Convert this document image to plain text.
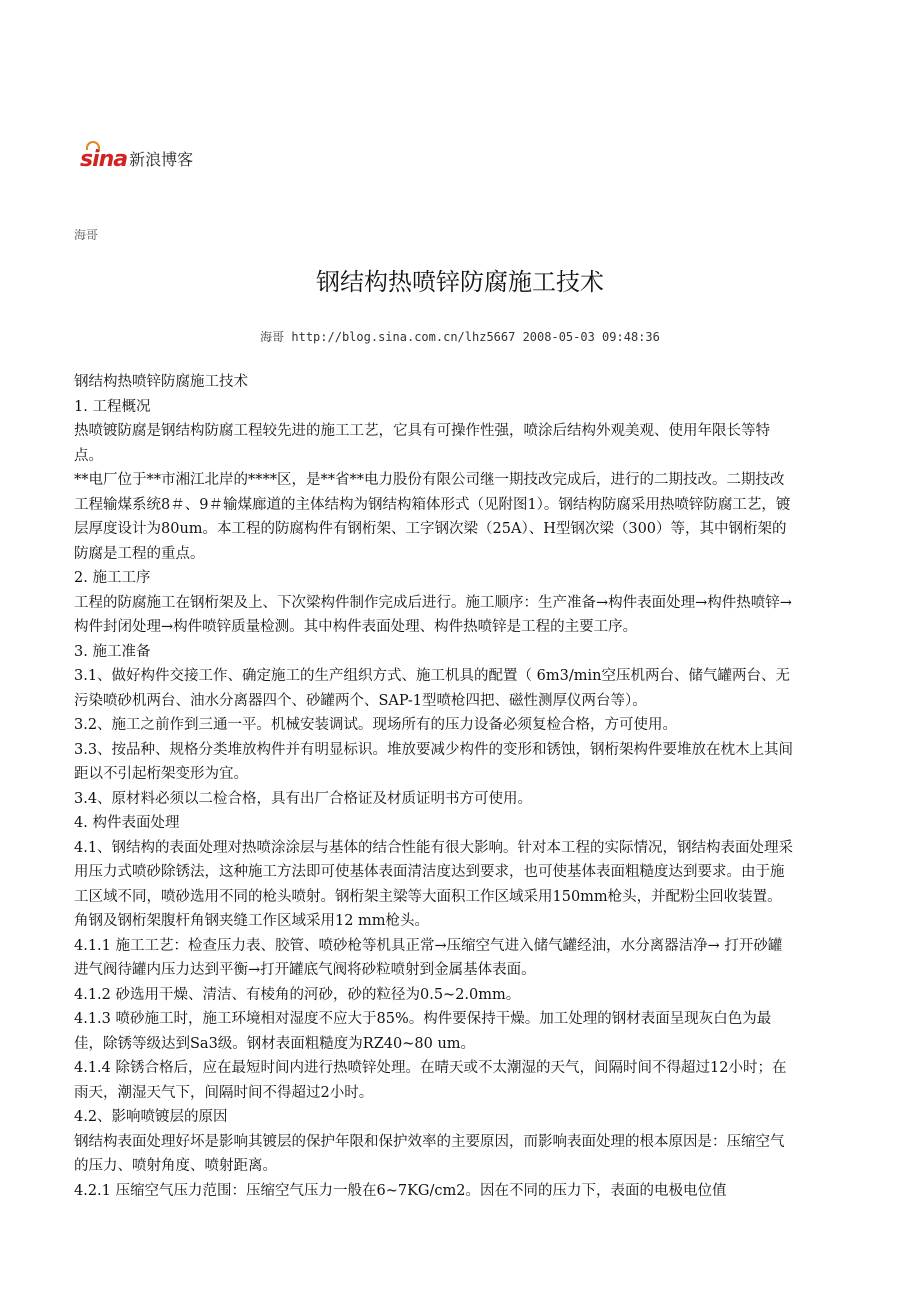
sina 新浪博客
海哥
钢结构热喷锌防腐施工技术
海哥 http://blog.sina.com.cn/lhz5667 2008-05-03 09:48:36

钢结构热喷锌防腐施工技术

1. 工程概况

热喷镀防腐是钢结构防腐工程较先进的施工工艺，它具有可操作性强，喷涂后结构外观美观、使用年限长等特点。

**电厂位于**市湘江北岸的****区，是**省**电力股份有限公司继一期技改完成后，进行的二期技改。二期技改工程输煤系统8＃、9＃输煤廊道的主体结构为钢结构箱体形式（见附图1）。钢结构防腐采用热喷锌防腐工艺，镀层厚度设计为80um。本工程的防腐构件有钢桁架、工字钢次梁（25A）、H型钢次梁（300）等，其中钢桁架的防腐是工程的重点。

2. 施工工序

工程的防腐施工在钢桁架及上、下次梁构件制作完成后进行。施工顺序：生产准备→构件表面处理→构件热喷锌→构件封闭处理→构件喷锌质量检测。其中构件表面处理、构件热喷锌是工程的主要工序。

3. 施工准备

3.1、做好构件交接工作、确定施工的生产组织方式、施工机具的配置（ 6m3/min空压机两台、储气罐两台、无污染喷砂机两台、油水分离器四个、砂罐两个、SAP-1型喷枪四把、磁性测厚仪两台等）。

3.2、施工之前作到三通一平。机械安装调试。现场所有的压力设备必须复检合格，方可使用。

3.3、按品种、规格分类堆放构件并有明显标识。堆放要减少构件的变形和锈蚀，钢桁架构件要堆放在枕木上其间距以不引起桁架变形为宜。

3.4、原材料必须以二检合格，具有出厂合格证及材质证明书方可使用。

4. 构件表面处理

4.1、钢结构的表面处理对热喷涂涂层与基体的结合性能有很大影响。针对本工程的实际情况，钢结构表面处理采用压力式喷砂除锈法，这种施工方法即可使基体表面清洁度达到要求，也可使基体表面粗糙度达到要求。由于施工区域不同，喷砂选用不同的枪头喷射。钢桁架主梁等大面积工作区域采用150mm枪头，并配粉尘回收装置。角钢及钢桁架腹杆角钢夹缝工作区域采用12 mm枪头。

4.1.1 施工工艺：检查压力表、胶管、喷砂枪等机具正常→压缩空气进入储气罐经油，水分离器洁净→ 打开砂罐进气阀待罐内压力达到平衡→打开罐底气阀将砂粒喷射到金属基体表面。

4.1.2 砂选用干燥、清洁、有棱角的河砂，砂的粒径为0.5~2.0mm。

4.1.3 喷砂施工时，施工环境相对湿度不应大于85%。构件要保持干燥。加工处理的钢材表面呈现灰白色为最佳，除锈等级达到Sa3级。钢材表面粗糙度为RZ40~80 um。

4.1.4 除锈合格后，应在最短时间内进行热喷锌处理。在晴天或不太潮湿的天气，间隔时间不得超过12小时；在雨天，潮湿天气下，间隔时间不得超过2小时。

4.2、影响喷镀层的原因

钢结构表面处理好坏是影响其镀层的保护年限和保护效率的主要原因，而影响表面处理的根本原因是：压缩空气的压力、喷射角度、喷射距离。

4.2.1 压缩空气压力范围：压缩空气压力一般在6~7KG/cm2。因在不同的压力下，表面的电极电位值
